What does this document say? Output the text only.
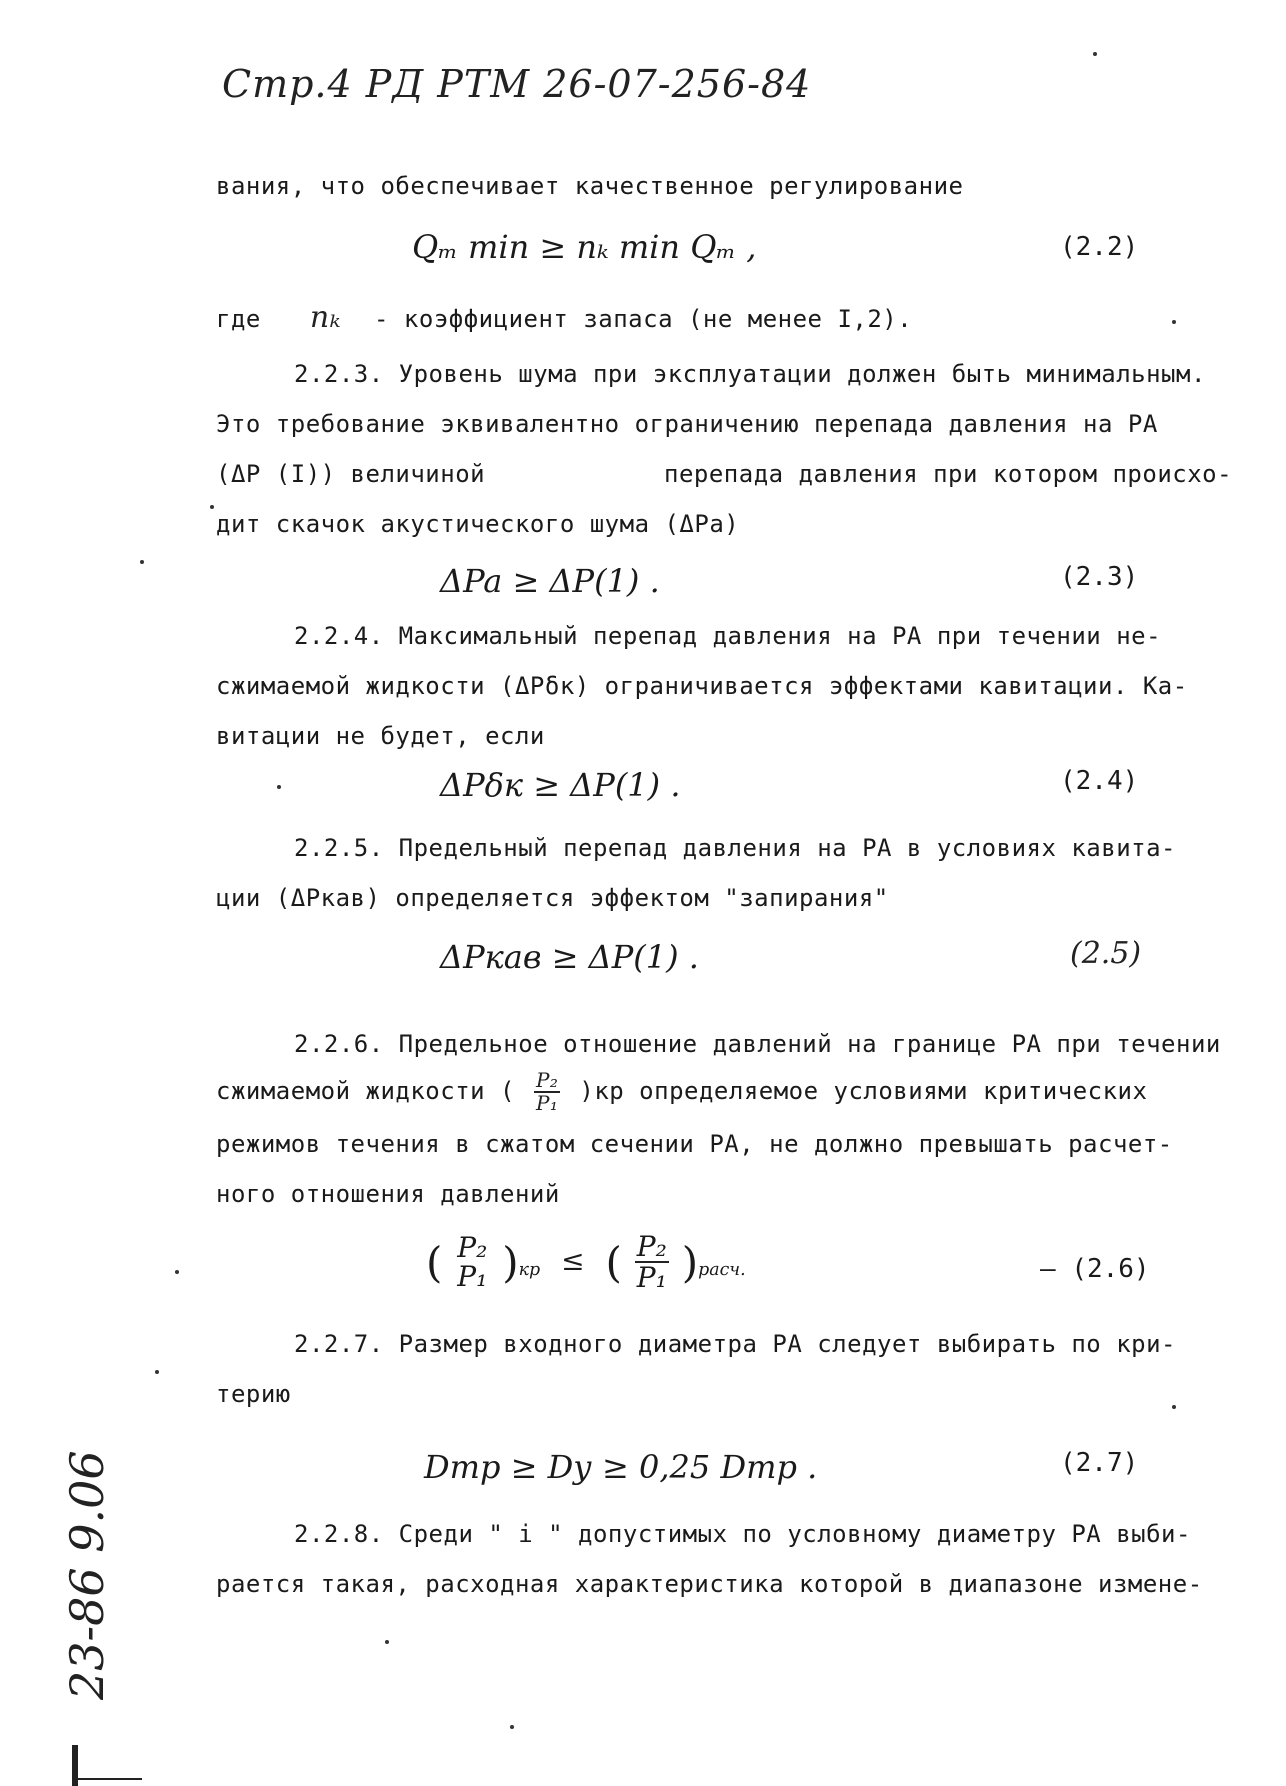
Стр.4 РД РТМ 26-07-256-84
вания, что обеспечивает качественное регулирование
Qₘ min ≥ nₖ min Qₘ ,	(2.2)
где nₖ - коэффициент запаса (не менее I,2).
2.2.3. Уровень шума при эксплуатации должен быть минимальным.
Это требование эквивалентно ограничению перепада давления на РА
(ΔP (I)) величиной	перепада давления при котором происхо-
дит скачок акустического шума (ΔPa)
ΔPa ≥ ΔP(1) .	(2.3)
2.2.4. Максимальный перепад давления на РА при течении не-
сжимаемой жидкости (ΔPδк) ограничивается эффектами кавитации. Ка-
витации не будет, если
ΔPδк ≥ ΔP(1) .	(2.4)
2.2.5. Предельный перепад давления на РА в условиях кавита-
ции (ΔPкав) определяется эффектом "запирания"
ΔPкав ≥ ΔP(1) .	(2.5)
2.2.6. Предельное отношение давлений на границе РА при течении
сжимаемой жидкости ( $\frac{\text{P₂}}{\text{P₁}} )кр$ определяемое условиями критических
режимов течения в сжатом сечении РА, не должно превышать расчет-
ного отношения давлений
( P₂
P₁ )$_{кр}$ ≤ ( $\frac{\text{P₂}}{\text{P₁}} )_{расч.}$	– (2.6)
2.2.7. Размер входного диаметра РА следует выбирать по кри-
терию
Dтр ≥ Dу ≥ 0,25 Dтр .	(2.7)
2.2.8. Среди " i " допустимых по условному диаметру РА выби-
рается такая, расходная характеристика которой в диапазоне измене-
23-86 9.06
